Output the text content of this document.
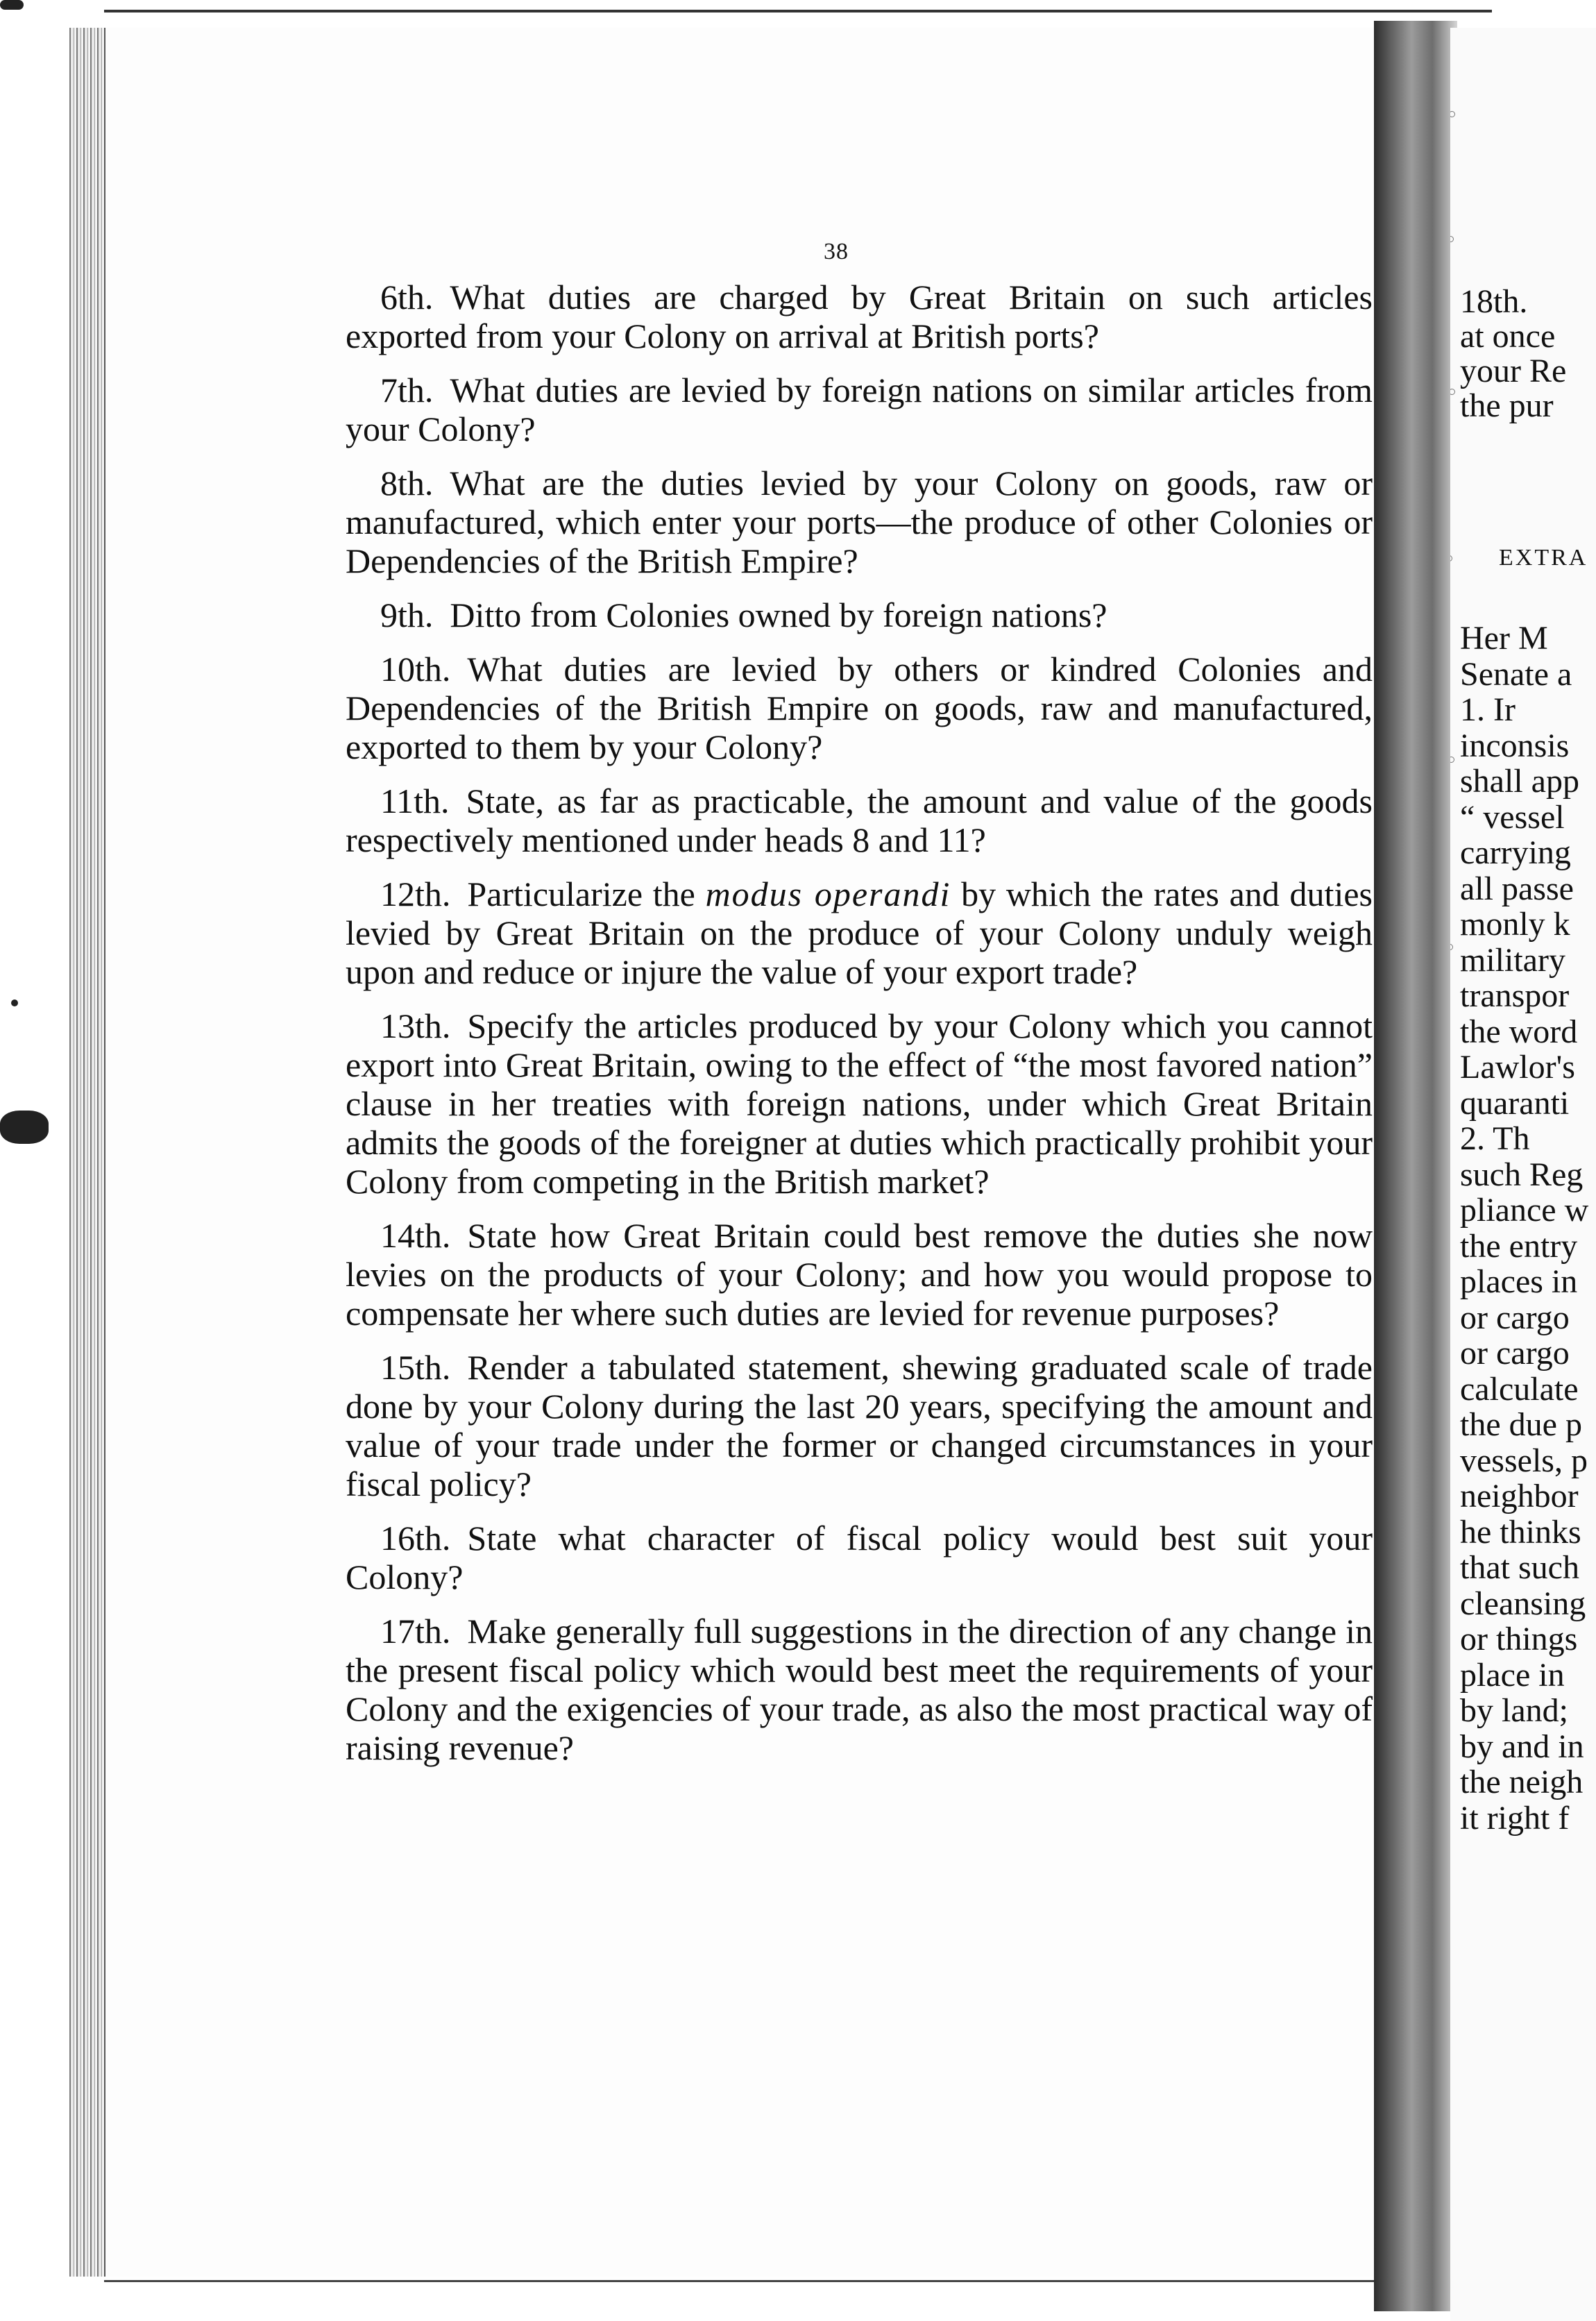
18th.
at once
your Re
the pur
EXTRA
Her M
Senate a
1. Ir
inconsis
shall app
“ vessel
carrying
all passe
monly k
military
transpor
the word
Lawlor's
quaranti
2. Th
such Reg
pliance w
the entry
places in
or cargo
or cargo
calculate
the due p
vessels, p
neighbor
he thinks
that such
cleansing
or things
place in
by land;
by and in
the neigh
it right f
38

6th. What duties are charged by Great Britain on such articles exported from your Colony on arrival at British ports?

7th. What duties are levied by foreign nations on similar articles from your Colony?

8th. What are the duties levied by your Colony on goods, raw or manufactured, which enter your ports—the produce of other Colonies or Dependencies of the British Empire?

9th. Ditto from Colonies owned by foreign nations?

10th. What duties are levied by others or kindred Colonies and Dependencies of the British Empire on goods, raw and manufactured, exported to them by your Colony?

11th. State, as far as practicable, the amount and value of the goods respectively mentioned under heads 8 and 11?

12th. Particularize the modus operandi by which the rates and duties levied by Great Britain on the produce of your Colony unduly weigh upon and reduce or injure the value of your export trade?

13th. Specify the articles produced by your Colony which you cannot export into Great Britain, owing to the effect of “the most favored nation” clause in her treaties with foreign nations, under which Great Britain admits the goods of the foreigner at duties which practically prohibit your Colony from competing in the British market?

14th. State how Great Britain could best remove the duties she now levies on the products of your Colony; and how you would propose to compensate her where such duties are levied for revenue purposes?

15th. Render a tabulated statement, shewing graduated scale of trade done by your Colony during the last 20 years, specifying the amount and value of your trade under the former or changed circumstances in your fiscal policy?

16th. State what character of fiscal policy would best suit your Colony?

17th. Make generally full suggestions in the direction of any change in the present fiscal policy which would best meet the requirements of your Colony and the exigencies of your trade, as also the most practical way of raising revenue?
